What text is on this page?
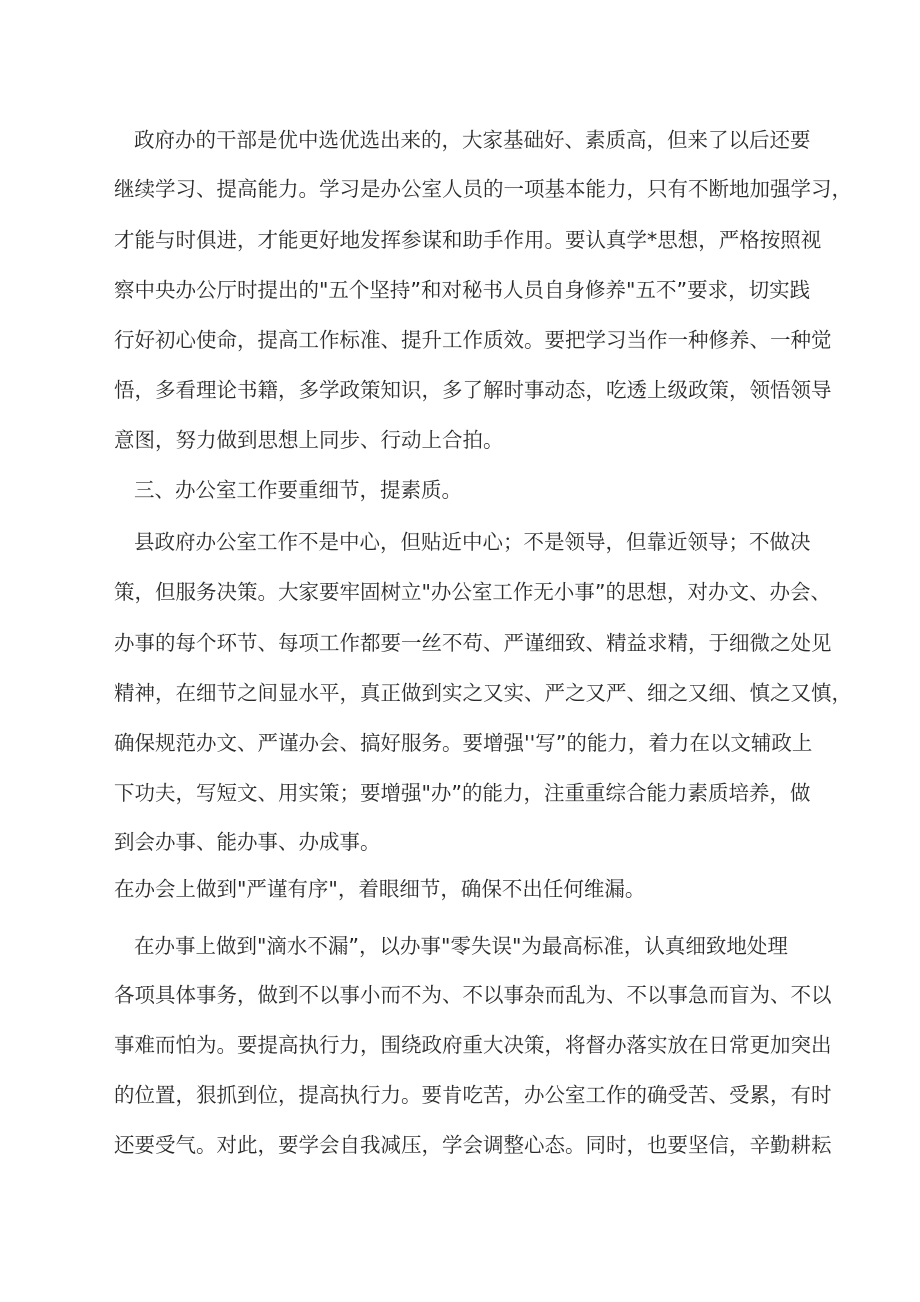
政府办的干部是优中选优选出来的，大家基础好、素质高，但来了以后还要

继续学习、提高能力。学习是办公室人员的一项基本能力，只有不断地加强学习，

才能与时俱进，才能更好地发挥参谋和助手作用。要认真学*思想，严格按照视

察中央办公厅时提出的"五个坚持”和对秘书人员自身修养"五不”要求，切实践

行好初心使命，提高工作标准、提升工作质效。要把学习当作一种修养、一种觉

悟，多看理论书籍，多学政策知识，多了解时事动态，吃透上级政策，领悟领导

意图，努力做到思想上同步、行动上合拍。

三、办公室工作要重细节，提素质。

县政府办公室工作不是中心，但贴近中心；不是领导，但靠近领导；不做决

策，但服务决策。大家要牢固树立"办公室工作无小事”的思想，对办文、办会、

办事的每个环节、每项工作都要一丝不苟、严谨细致、精益求精，于细微之处见

精神，在细节之间显水平，真正做到实之又实、严之又严、细之又细、慎之又慎，

确保规范办文、严谨办会、搞好服务。要增强''写”的能力，着力在以文辅政上

下功夫，写短文、用实策；要增强"办”的能力，注重重综合能力素质培养，做

到会办事、能办事、办成事。

在办会上做到"严谨有序"，着眼细节，确保不出任何维漏。

在办事上做到"滴水不漏”，以办事"零失误"为最高标准，认真细致地处理

各项具体事务，做到不以事小而不为、不以事杂而乱为、不以事急而盲为、不以

事难而怕为。要提高执行力，围绕政府重大决策，将督办落实放在日常更加突出

的位置，狠抓到位，提高执行力。要肯吃苦，办公室工作的确受苦、受累，有时

还要受气。对此，要学会自我减压，学会调整心态。同时，也要坚信，辛勤耕耘
